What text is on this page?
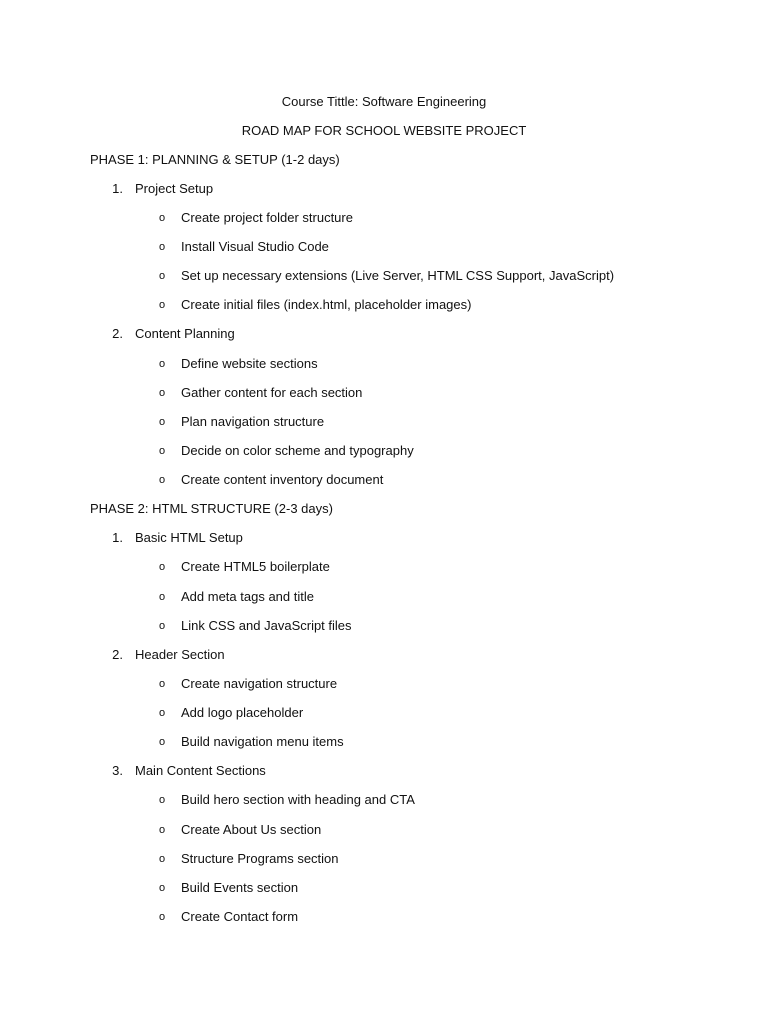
Course Tittle: Software Engineering
ROAD MAP FOR SCHOOL WEBSITE PROJECT
PHASE 1: PLANNING & SETUP (1-2 days)
1. Project Setup
o Create project folder structure
o Install Visual Studio Code
o Set up necessary extensions (Live Server, HTML CSS Support, JavaScript)
o Create initial files (index.html, placeholder images)
2. Content Planning
o Define website sections
o Gather content for each section
o Plan navigation structure
o Decide on color scheme and typography
o Create content inventory document
PHASE 2: HTML STRUCTURE (2-3 days)
1. Basic HTML Setup
o Create HTML5 boilerplate
o Add meta tags and title
o Link CSS and JavaScript files
2. Header Section
o Create navigation structure
o Add logo placeholder
o Build navigation menu items
3. Main Content Sections
o Build hero section with heading and CTA
o Create About Us section
o Structure Programs section
o Build Events section
o Create Contact form
